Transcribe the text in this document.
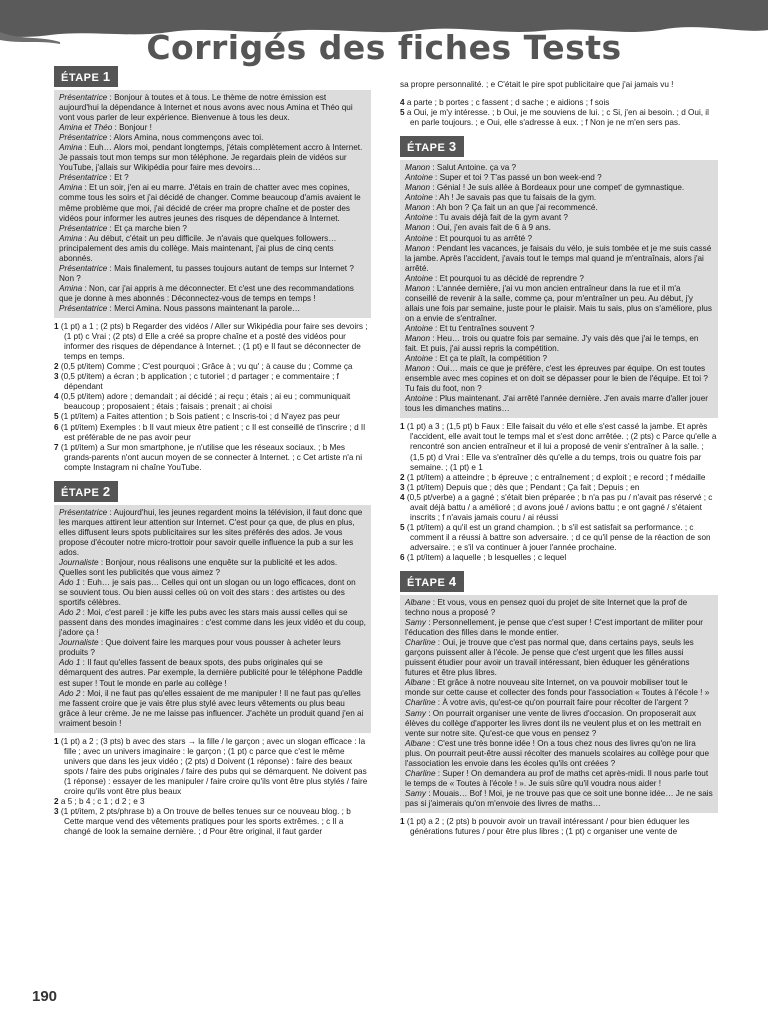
Corrigés des fiches Tests
ÉTAPE 1

Présentatrice : Bonjour à toutes et à tous. Le thème de notre émission est aujourd'hui la dépendance à Internet et nous avons avec nous Amina et Théo qui vont vous parler de leur expérience. Bienvenue à tous les deux.

Amina et Théo : Bonjour !

Présentatrice : Alors Amina, nous commençons avec toi.

Amina : Euh… Alors moi, pendant longtemps, j'étais complètement accro à Internet. Je passais tout mon temps sur mon téléphone. Je regardais plein de vidéos sur YouTube, j'allais sur Wikipédia pour faire mes devoirs…

Présentatrice : Et ?

Amina : Et un soir, j'en ai eu marre. J'étais en train de chatter avec mes copines, comme tous les soirs et j'ai décidé de changer. Comme beaucoup d'amis avaient le même problème que moi, j'ai décidé de créer ma propre chaîne et de poster des vidéos pour informer les autres jeunes des risques de dépendance à Internet.

Présentatrice : Et ça marche bien ?

Amina : Au début, c'était un peu difficile. Je n'avais que quelques followers… principalement des amis du collège. Mais maintenant, j'ai plus de cinq cents abonnés.

Présentatrice : Mais finalement, tu passes toujours autant de temps sur Internet ? Non ?

Amina : Non, car j'ai appris à me déconnecter. Et c'est une des recommandations que je donne à mes abonnés : Déconnectez-vous de temps en temps !

Présentatrice : Merci Amina. Nous passons maintenant la parole…

1 (1 pt) a 1 ; (2 pts) b Regarder des vidéos / Aller sur Wikipédia pour faire ses devoirs ; (1 pt) c Vrai ; (2 pts) d Elle a créé sa propre chaîne et a posté des vidéos pour informer des risques de dépendance à Internet. ; (1 pt) e Il faut se déconnecter de temps en temps.
2 (0,5 pt/item) Comme ; C'est pourquoi ; Grâce à ; vu qu' ; à cause du ; Comme ça
3 (0,5 pt/item) a écran ; b application ; c tutoriel ; d partager ; e commentaire ; f dépendant
4 (0,5 pt/item) adore ; demandait ; ai décidé ; ai reçu ; étais ; ai eu ; communiquait beaucoup ; proposaient ; étais ; faisais ; prenait ; ai choisi
5 (1 pt/item) a Faites attention ; b Sois patient ; c Inscris-toi ; d N'ayez pas peur
6 (1 pt/item) Exemples : b Il vaut mieux être patient ; c Il est conseillé de t'inscrire ; d Il est préférable de ne pas avoir peur
7 (1 pt/item) a Sur mon smartphone, je n'utilise que les réseaux sociaux. ; b Mes grands-parents n'ont aucun moyen de se connecter à Internet. ; c Cet artiste n'a ni compte Instagram ni chaîne YouTube.
ÉTAPE 2

Présentatrice : Aujourd'hui, les jeunes regardent moins la télévision, il faut donc que les marques attirent leur attention sur Internet. C'est pour ça que, de plus en plus, elles diffusent leurs spots publicitaires sur les sites préférés des ados. Je vous propose d'écouter notre micro-trottoir pour savoir quelle influence la pub a sur les ados.

Journaliste : Bonjour, nous réalisons une enquête sur la publicité et les ados. Quelles sont les publicités que vous aimez ?

Ado 1 : Euh… je sais pas… Celles qui ont un slogan ou un logo efficaces, dont on se souvient tous. Ou bien aussi celles où on voit des stars : des artistes ou des sportifs célèbres.

Ado 2 : Moi, c'est pareil : je kiffe les pubs avec les stars mais aussi celles qui se passent dans des mondes imaginaires : c'est comme dans les jeux vidéo et du coup, j'adore ça !

Journaliste : Que doivent faire les marques pour vous pousser à acheter leurs produits ?

Ado 1 : Il faut qu'elles fassent de beaux spots, des pubs originales qui se démarquent des autres. Par exemple, la dernière publicité pour le téléphone Paddle est super ! Tout le monde en parle au collège !

Ado 2 : Moi, il ne faut pas qu'elles essaient de me manipuler ! Il ne faut pas qu'elles me fassent croire que je vais être plus stylé avec leurs vêtements ou plus beau grâce à leur crème. Je ne me laisse pas influencer. J'achète un produit quand j'en ai vraiment besoin !

1 (1 pt) a 2 ; (3 pts) b avec des stars → la fille / le garçon ; avec un slogan efficace : la fille ; avec un univers imaginaire : le garçon ; (1 pt) c parce que c'est le même univers que dans les jeux vidéo ; (2 pts) d Doivent (1 réponse) : faire des beaux spots / faire des pubs originales / faire des pubs qui se démarquent. Ne doivent pas (1 réponse) : essayer de les manipuler / faire croire qu'ils vont être plus stylés / faire croire qu'ils vont être plus beaux
2 a 5 ; b 4 ; c 1 ; d 2 ; e 3
3 (1 pt/item, 2 pts/phrase b) a On trouve de belles tenues sur ce nouveau blog. ; b Cette marque vend des vêtements pratiques pour les sports extrêmes. ; c Il a changé de look la semaine dernière. ; d Pour être original, il faut garder
sa propre personnalité. ; e C'était le pire spot publicitaire que j'ai jamais vu !
4 a parte ; b portes ; c fassent ; d sache ; e aidions ; f sois
5 a Oui, je m'y intéresse. ; b Oui, je me souviens de lui. ; c Si, j'en ai besoin. ; d Oui, il en parle toujours. ; e Oui, elle s'adresse à eux. ; f Non je ne m'en sers pas.
ÉTAPE 3

Manon : Salut Antoine. ça va ?

Antoine : Super et toi ? T'as passé un bon week-end ?

Manon : Génial ! Je suis allée à Bordeaux pour une compet' de gymnastique.

Antoine : Ah ! Je savais pas que tu faisais de la gym.

Manon : Ah bon ? Ça fait un an que j'ai recommencé.

Antoine : Tu avais déjà fait de la gym avant ?

Manon : Oui, j'en avais fait de 6 à 9 ans.

Antoine : Et pourquoi tu as arrêté ?

Manon : Pendant les vacances, je faisais du vélo, je suis tombée et je me suis cassé la jambe. Après l'accident, j'avais tout le temps mal quand je m'entraînais, alors j'ai arrêté.

Antoine : Et pourquoi tu as décidé de reprendre ?

Manon : L'année dernière, j'ai vu mon ancien entraîneur dans la rue et il m'a conseillé de revenir à la salle, comme ça, pour m'entraîner un peu. Au début, j'y allais une fois par semaine, juste pour le plaisir. Mais tu sais, plus on s'améliore, plus on a envie de s'entraîner.

Antoine : Et tu t'entraînes souvent ?

Manon : Heu… trois ou quatre fois par semaine. J'y vais dès que j'ai le temps, en fait. Et puis, j'ai aussi repris la compétition.

Antoine : Et ça te plaît, la compétition ?

Manon : Oui… mais ce que je préfère, c'est les épreuves par équipe. On est toutes ensemble avec mes copines et on doit se dépasser pour le bien de l'équipe. Et toi ? Tu fais du foot, non ?

Antoine : Plus maintenant. J'ai arrêté l'année dernière. J'en avais marre d'aller jouer tous les dimanches matins…

1 (1 pt) a 3 ; (1,5 pt) b Faux : Elle faisait du vélo et elle s'est cassé la jambe. Et après l'accident, elle avait tout le temps mal et s'est donc arrêtée. ; (2 pts) c Parce qu'elle a rencontré son ancien entraîneur et il lui a proposé de venir s'entraîner à la salle. ; (1,5 pt) d Vrai : Elle va s'entraîner dès qu'elle a du temps, trois ou quatre fois par semaine. ; (1 pt) e 1
2 (1 pt/item) a atteindre ; b épreuve ; c entraînement ; d exploit ; e record ; f médaille
3 (1 pt/item) Depuis que ; dès que ; Pendant ; Ça fait ; Depuis ; en
4 (0,5 pt/verbe) a a gagné ; s'était bien préparée ; b n'a pas pu / n'avait pas réservé ; c avait déjà battu / a amélioré ; d avons joué / avions battu ; e ont gagné / s'étaient inscrits ; f n'avais jamais couru / ai réussi
5 (1 pt/item) a qu'il est un grand champion. ; b s'il est satisfait sa performance. ; c comment il a réussi à battre son adversaire. ; d ce qu'il pense de la réaction de son adversaire. ; e s'il va continuer à jouer l'année prochaine.
6 (1 pt/item) a laquelle ; b lesquelles ; c lequel
ÉTAPE 4

Albane : Et vous, vous en pensez quoi du projet de site Internet que la prof de techno nous a proposé ?

Samy : Personnellement, je pense que c'est super ! C'est important de militer pour l'éducation des filles dans le monde entier.

Charline : Oui, je trouve que c'est pas normal que, dans certains pays, seuls les garçons puissent aller à l'école. Je pense que c'est urgent que les filles aussi puissent étudier pour avoir un travail intéressant, bien éduquer les générations futures et être plus libres.

Albane : Et grâce à notre nouveau site Internet, on va pouvoir mobiliser tout le monde sur cette cause et collecter des fonds pour l'association « Toutes à l'école ! »

Charline : À votre avis, qu'est-ce qu'on pourrait faire pour récolter de l'argent ?

Samy : On pourrait organiser une vente de livres d'occasion. On proposerait aux élèves du collège d'apporter les livres dont ils ne veulent plus et on les mettrait en vente sur notre site. Qu'est-ce que vous en pensez ?

Albane : C'est une très bonne idée ! On a tous chez nous des livres qu'on ne lira plus. On pourrait peut-être aussi récolter des manuels scolaires au collège pour que l'association les envoie dans les écoles qu'ils ont créées ?

Charline : Super ! On demandera au prof de maths cet après-midi. Il nous parle tout le temps de « Toutes à l'école ! ». Je suis sûre qu'il voudra nous aider !

Samy : Mouais… Bof ! Moi, je ne trouve pas que ce soit une bonne idée… Je ne sais pas si j'aimerais qu'on m'envoie des livres de maths…

1 (1 pt) a 2 ; (2 pts) b pouvoir avoir un travail intéressant / pour bien éduquer les générations futures / pour être plus libres ; (1 pt) c organiser une vente de

190
